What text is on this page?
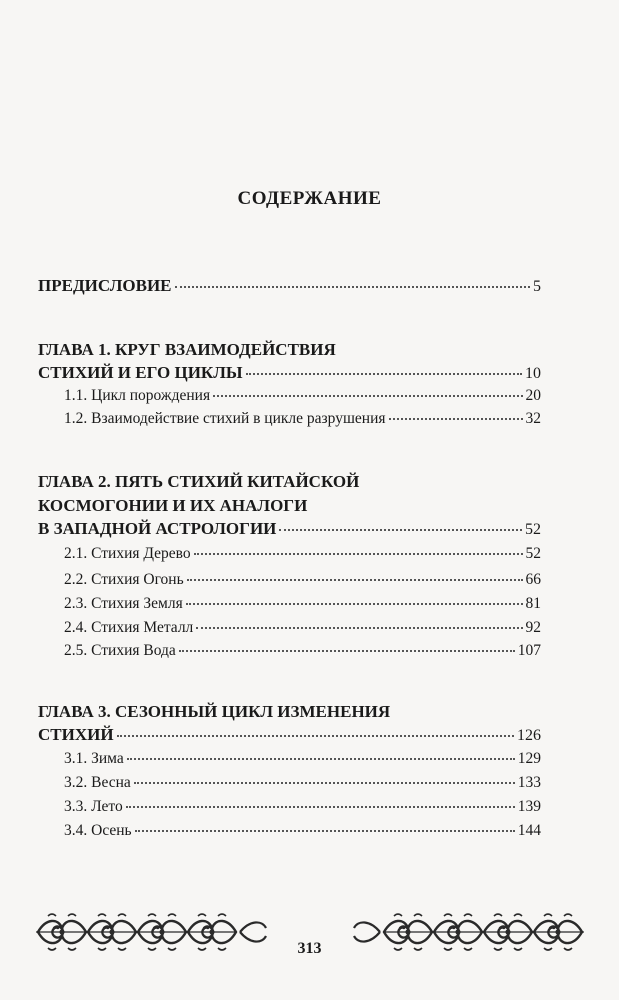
СОДЕРЖАНИЕ
ПРЕДИСЛОВИЕ	5
ГЛАВА 1. КРУГ ВЗАИМОДЕЙСТВИЯ
СТИХИЙ И ЕГО ЦИКЛЫ	10
1.1. Цикл порождения	20
1.2. Взаимодействие стихий в цикле разрушения	32
ГЛАВА 2. ПЯТЬ СТИХИЙ КИТАЙСКОЙ
КОСМОГОНИИ И ИХ АНАЛОГИ
В ЗАПАДНОЙ АСТРОЛОГИИ	52
2.1. Стихия Дерево	52
2.2. Стихия Огонь	66
2.3. Стихия Земля	81
2.4. Стихия Металл	92
2.5. Стихия Вода	107
ГЛАВА 3. СЕЗОННЫЙ ЦИКЛ ИЗМЕНЕНИЯ
СТИХИЙ	126
3.1. Зима	129
3.2. Весна	133
3.3. Лето	139
3.4. Осень	144
313
